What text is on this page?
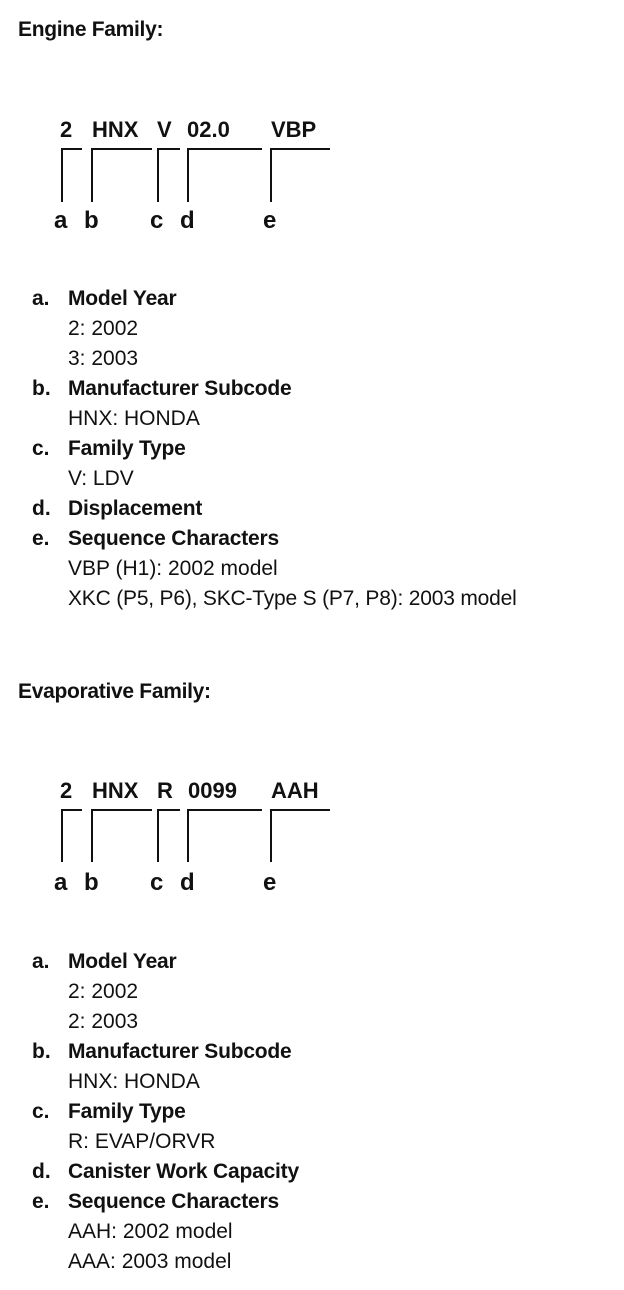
Engine Family:
2 HNX V 02.0 VBP
a b c d	e
a. Model Year
2: 2002
3: 2003
b. Manufacturer Subcode
HNX: HONDA
c. Family Type
V: LDV
d. Displacement
e. Sequence Characters
VBP (H1): 2002 model
XKC (P5, P6), SKC-Type S (P7, P8): 2003 model
Evaporative Family:
2 HNX R 0099 AAH
a b c d	e
a. Model Year
2: 2002
2: 2003
b. Manufacturer Subcode
HNX: HONDA
c. Family Type
R: EVAP/ORVR
d. Canister Work Capacity
e. Sequence Characters
AAH: 2002 model
AAA: 2003 model
